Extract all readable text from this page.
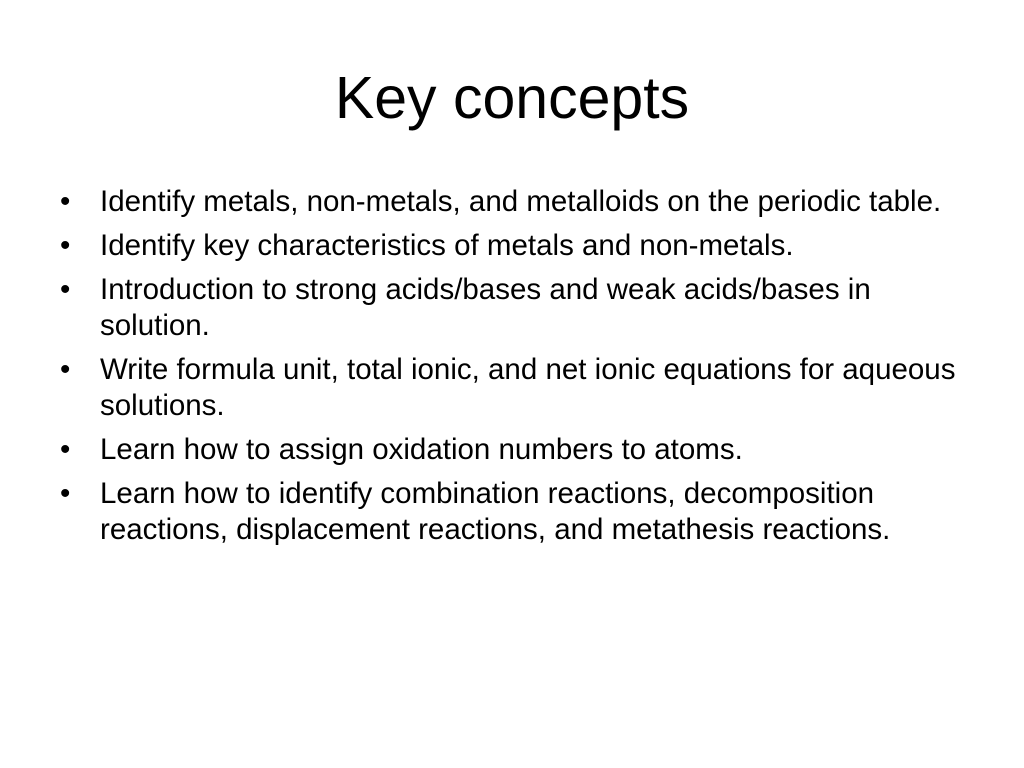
Key concepts
•	Identify metals, non-metals, and metalloids on the periodic table.
•	Identify key characteristics of metals and non-metals.
•	Introduction to strong acids/bases and weak acids/bases in solution.
•	Write formula unit, total ionic, and net ionic equations for aqueous solutions.
•	Learn how to assign oxidation numbers to atoms.
•	Learn how to identify combination reactions, decomposition reactions, displacement reactions, and metathesis reactions.
